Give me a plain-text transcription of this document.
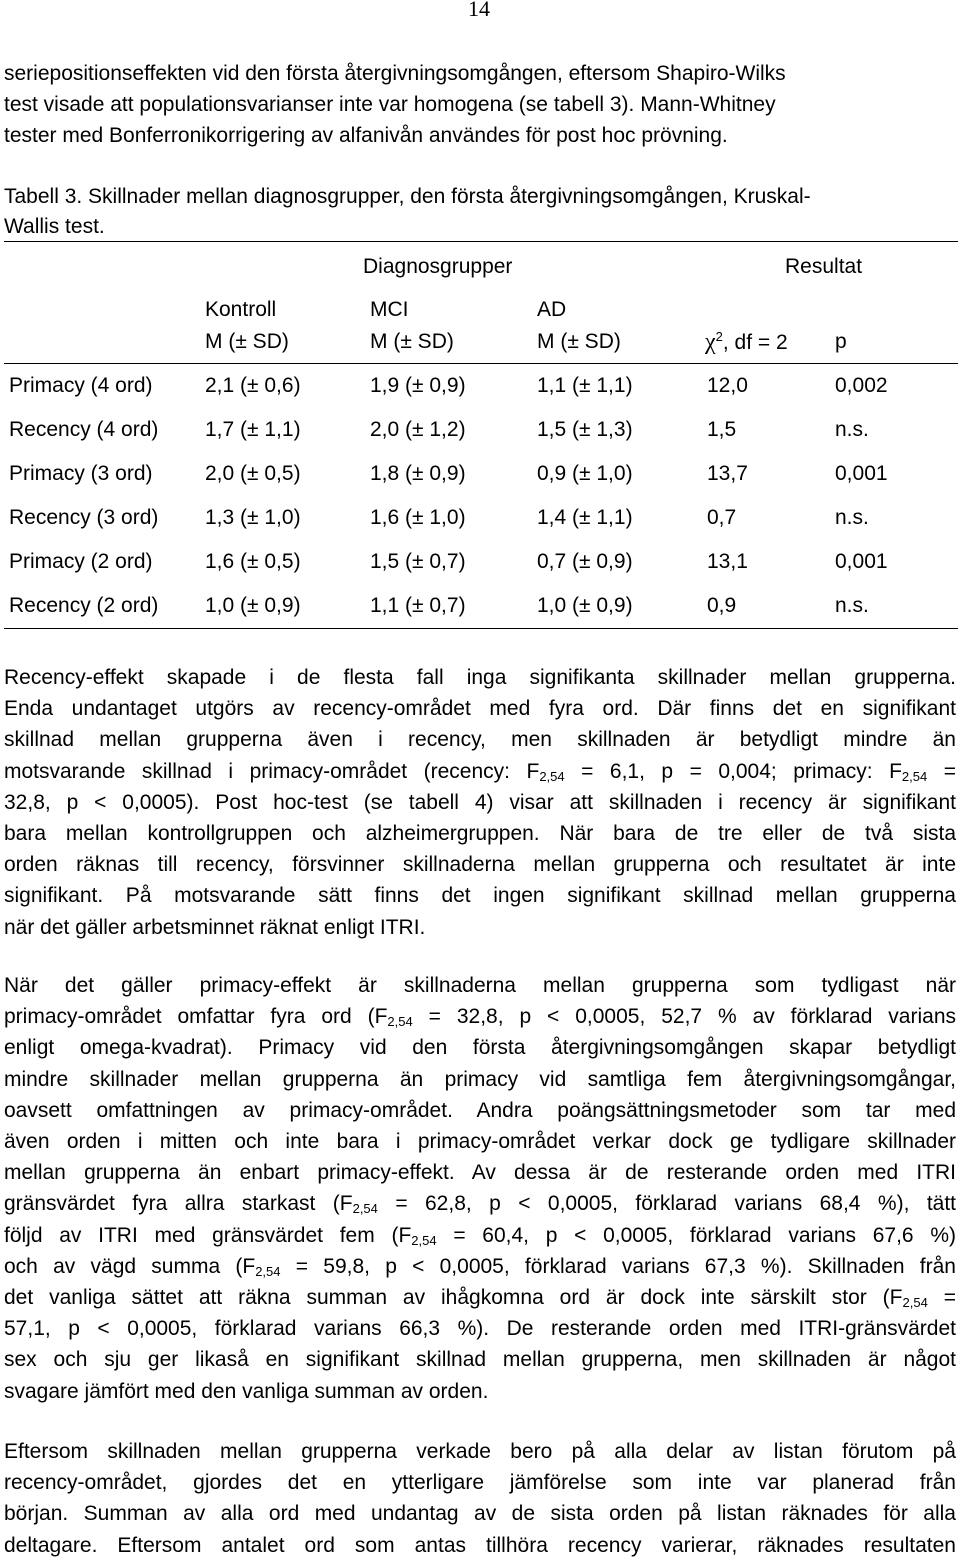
14
seriepositionseffekten vid den första återgivningsomgången, eftersom Shapiro-Wilks
test visade att populationsvarianser inte var homogena (se tabell 3). Mann-Whitney
tester med Bonferronikorrigering av alfanivån användes för post hoc prövning.
Tabell 3. Skillnader mellan diagnosgrupper, den första återgivningsomgången, Kruskal-
Wallis test.
Diagnosgrupper	Resultat
Kontroll	MCI	AD
M (± SD)	M (± SD)	M (± SD)	$\chi^2$, df = 2 p
Primacy (4 ord) 2,1 (± 0,6)	1,9 (± 0,9)	1,1 (± 1,1)	12,0	0,002
Recency (4 ord) 1,7 (± 1,1)	2,0 (± 1,2)	1,5 (± 1,3)	1,5	n.s.
Primacy (3 ord) 2,0 (± 0,5)	1,8 (± 0,9)	0,9 (± 1,0)	13,7	0,001
Recency (3 ord) 1,3 (± 1,0)	1,6 (± 1,0)	1,4 (± 1,1)	0,7	n.s.
Primacy (2 ord) 1,6 (± 0,5)	1,5 (± 0,7)	0,7 (± 0,9)	13,1	0,001
Recency (2 ord) 1,0 (± 0,9)	1,1 (± 0,7)	1,0 (± 0,9)	0,9	n.s.
Recency-effekt skapade i de flesta fall inga signifikanta skillnader mellan grupperna.
Enda undantaget utgörs av recency-området med fyra ord. Där finns det en signifikant
skillnad mellan grupperna även i recency, men skillnaden är betydligt mindre än
motsvarande skillnad i primacy-området (recency: $F_{2,54} = 6,1$, p = 0,004; primacy: $F_{2,54}$ =
32,8, p < 0,0005). Post hoc-test (se tabell 4) visar att skillnaden i recency är signifikant
bara mellan kontrollgruppen och alzheimergruppen. När bara de tre eller de två sista
orden räknas till recency, försvinner skillnaderna mellan grupperna och resultatet är inte
signifikant. På motsvarande sätt finns det ingen signifikant skillnad mellan grupperna
när det gäller arbetsminnet räknat enligt ITRI.
När det gäller primacy-effekt är skillnaderna mellan grupperna som tydligast när
primacy-området omfattar fyra ord ($F_{2,54} = 32,8$, p < 0,0005, 52,7 % av förklarad varians
enligt omega-kvadrat). Primacy vid den första återgivningsomgången skapar betydligt
mindre skillnader mellan grupperna än primacy vid samtliga fem återgivningsomgångar,
oavsett omfattningen av primacy-området. Andra poängsättningsmetoder som tar med
även orden i mitten och inte bara i primacy-området verkar dock ge tydligare skillnader
mellan grupperna än enbart primacy-effekt. Av dessa är de resterande orden med ITRI
gränsvärdet fyra allra starkast ($F_{2,54} = 62,8$, p < 0,0005, förklarad varians 68,4 %), tätt
följd av ITRI med gränsvärdet fem ($F_{2,54} = 60,4$, p < 0,0005, förklarad varians 67,6 %)
och av vägd summa ($F_{2,54} = 59,8$, p < 0,0005, förklarad varians 67,3 %). Skillnaden från
det vanliga sättet att räkna summan av ihågkomna ord är dock inte särskilt stor ($F_{2,54}$ =
57,1, p < 0,0005, förklarad varians 66,3 %). De resterande orden med ITRI-gränsvärdet
sex och sju ger likaså en signifikant skillnad mellan grupperna, men skillnaden är något
svagare jämfört med den vanliga summan av orden.
Eftersom skillnaden mellan grupperna verkade bero på alla delar av listan förutom på
recency-området, gjordes det en ytterligare jämförelse som inte var planerad från
början. Summan av alla ord med undantag av de sista orden på listan räknades för alla
deltagare. Eftersom antalet ord som antas tillhöra recency varierar, räknades resultaten
